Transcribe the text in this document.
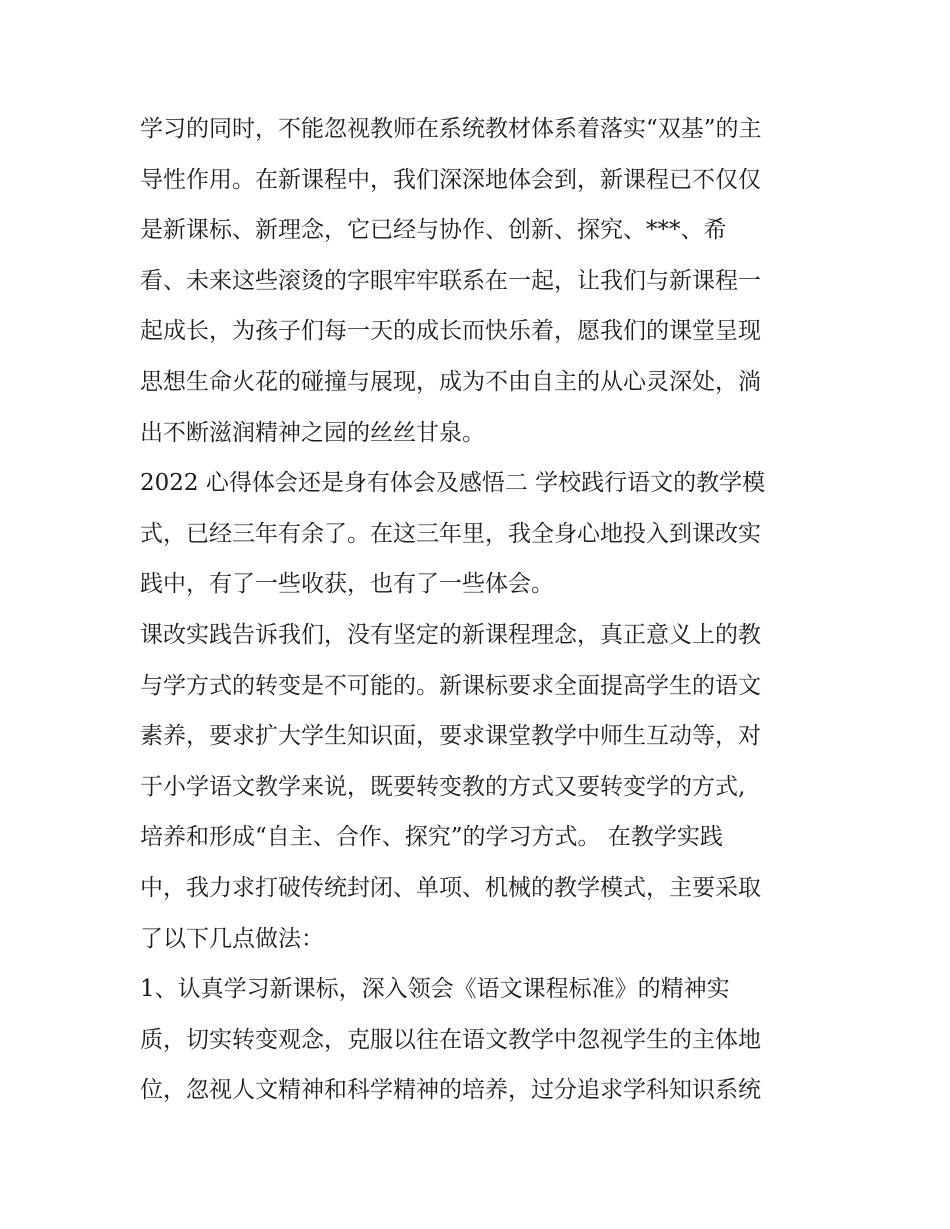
学习的同时，不能忽视教师在系统教材体系着落实“双基”的主
导性作用。在新课程中，我们深深地体会到，新课程已不仅仅
是新课标、新理念，它已经与协作、创新、探究、***、希
看、未来这些滚烫的字眼牢牢联系在一起，让我们与新课程一
起成长，为孩子们每一天的成长而快乐着，愿我们的课堂呈现
思想生命火花的碰撞与展现，成为不由自主的从心灵深处，淌
出不断滋润精神之园的丝丝甘泉。
2022 心得体会还是身有体会及感悟二 学校践行语文的教学模
式，已经三年有余了。在这三年里，我全身心地投入到课改实
践中，有了一些收获，也有了一些体会。
课改实践告诉我们，没有坚定的新课程理念，真正意义上的教
与学方式的转变是不可能的。新课标要求全面提高学生的语文
素养，要求扩大学生知识面，要求课堂教学中师生互动等，对
于小学语文教学来说，既要转变教的方式又要转变学的方式,
培养和形成“自主、合作、探究”的学习方式。 在教学实践
中，我力求打破传统封闭、单项、机械的教学模式，主要采取
了以下几点做法：
1、认真学习新课标，深入领会《语文课程标准》的精神实
质，切实转变观念，克服以往在语文教学中忽视学生的主体地
位，忽视人文精神和科学精神的培养，过分追求学科知识系统
